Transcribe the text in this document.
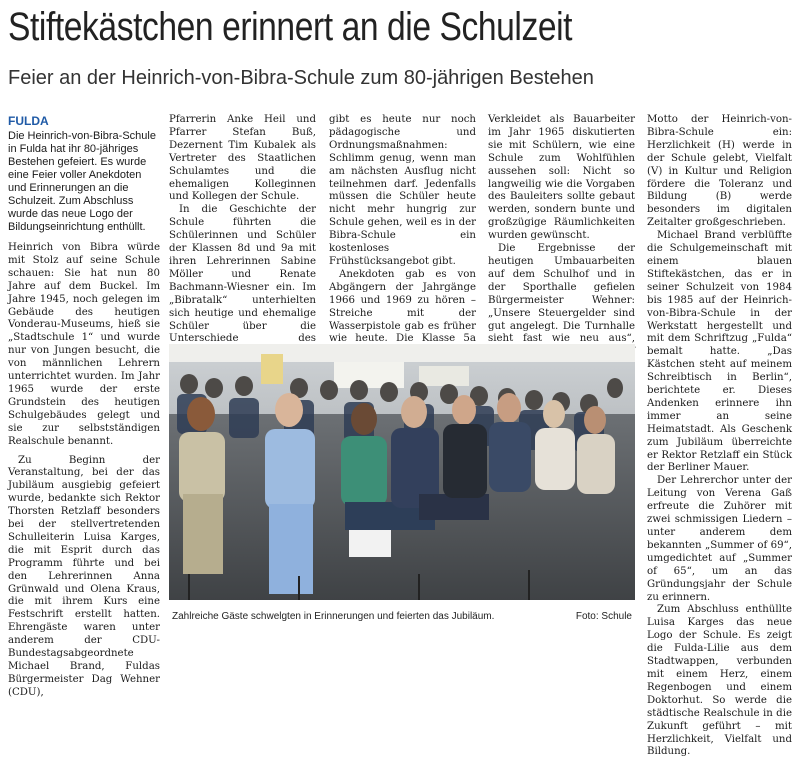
Stiftekästchen erinnert an die Schulzeit
Feier an der Heinrich-von-Bibra-Schule zum 80-jährigen Bestehen
FULDA
Die Heinrich-von-Bibra-Schule in Fulda hat ihr 80-jähriges Bestehen gefeiert. Es wurde eine Feier voller Anekdoten und Erinnerungen an die Schulzeit. Zum Abschluss wurde das neue Logo der Bildungseinrichtung enthüllt.

Heinrich von Bibra würde mit Stolz auf seine Schule schauen: Sie hat nun 80 Jahre auf dem Buckel. Im Jahre 1945, noch gelegen im Gebäude des heutigen Vonderau-Museums, hieß sie „Stadtschule 1“ und wurde nur von Jungen besucht, die von männlichen Lehrern unterrichtet wurden. Im Jahr 1965 wurde der erste Grundstein des heutigen Schulgebäudes gelegt und sie zur selbstständigen Realschule benannt.

Zu Beginn der Veranstaltung, bei der das Jubiläum ausgiebig gefeiert wurde, bedankte sich Rektor Thorsten Retzlaff besonders bei der stellvertretenden Schulleiterin Luisa Karges, die mit Esprit durch das Programm führte und bei den Lehrerinnen Anna Grünwald und Olena Kraus, die mit ihrem Kurs eine Festschrift erstellt hatten. Ehrengäste waren unter anderem der CDU-Bundestagsabgeordnete Michael Brand, Fuldas Bürgermeister Dag Wehner (CDU),

Pfarrerin Anke Heil und Pfarrer Stefan Buß, Dezernent Tim Kubalek als Vertreter des Staatlichen Schulamtes und die ehemaligen Kolleginnen und Kollegen der Schule.

In die Geschichte der Schule führten die Schülerinnen und Schüler der Klassen 8d und 9a mit ihren Lehrerinnen Sabine Möller und Renate Bachmann-Wiesner ein. Im „Bibratalk“ unterhielten sich heutige und ehemalige Schüler über die Unterschiede des

gibt es heute nur noch pädagogische und Ordnungsmaßnahmen: Schlimm genug, wenn man am nächsten Ausflug nicht teilnehmen darf. Jedenfalls müssen die Schüler heute nicht mehr hungrig zur Schule gehen, weil es in der Bibra-Schule ein kostenloses Frühstücksangebot gibt.

Anekdoten gab es von Abgängern der Jahrgänge 1966 und 1969 zu hören – Streiche mit der Wasserpistole gab es früher wie heute. Die Klasse 5a

Verkleidet als Bauarbeiter im Jahr 1965 diskutierten sie mit Schülern, wie eine Schule zum Wohlfühlen aussehen soll: Nicht so langweilig wie die Vorgaben des Bauleiters sollte gebaut werden, sondern bunte und großzügige Räumlichkeiten wurden gewünscht.

Die Ergebnisse der heutigen Umbauarbeiten auf dem Schulhof und in der Sporthalle gefielen Bürgermeister Wehner: „Unsere Steuergelder sind gut angelegt. Die Turnhalle sieht fast wie neu aus“,

Motto der Heinrich-von-Bibra-Schule ein: Herzlichkeit (H) werde in der Schule gelebt, Vielfalt (V) in Kultur und Religion fördere die Toleranz und Bildung (B) werde besonders im digitalen Zeitalter großgeschrieben.

Michael Brand verblüffte die Schulgemeinschaft mit einem blauen Stiftekästchen, das er in seiner Schulzeit von 1984 bis 1985 auf der Heinrich-von-Bibra-Schule in der Werkstatt hergestellt und mit dem Schriftzug „Fulda“ bemalt hatte. „Das Kästchen steht auf meinem Schreibtisch in Berlin“, berichtete er. Dieses Andenken erinnere ihn immer an seine Heimatstadt. Als Geschenk zum Jubiläum überreichte er Rektor Retzlaff ein Stück der Berliner Mauer.

Der Lehrerchor unter der Leitung von Verena Gaß erfreute die Zuhörer mit zwei schmissigen Liedern – unter anderem dem bekannten „Summer of 69“, umgedichtet auf „Summer of 65“, um an das Gründungsjahr der Schule zu erinnern.

Zum Abschluss enthüllte Luisa Karges das neue Logo der Schule. Es zeigt die Fulda-Lilie aus dem Stadtwappen, verbunden mit einem Herz, einem Regenbogen und einem Doktorhut. So werde die städtische Realschule in die Zukunft geführt – mit Herzlichkeit, Vielfalt und Bildung.

Zahlreiche Gäste schwelgten in Erinnerungen und feierten das Jubiläum.	Foto: Schule
